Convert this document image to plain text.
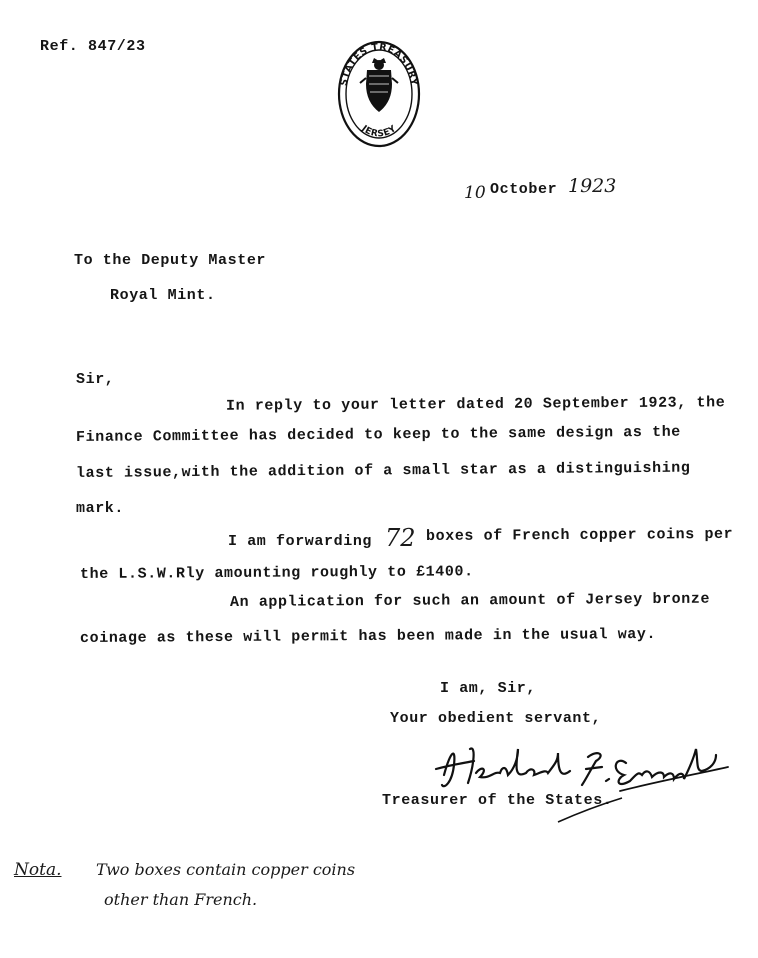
Ref. 847/23
STATES TREASURY
JERSEY
10 October 1923
To the Deputy Master
Royal Mint.
Sir,
In reply to your letter dated 20 September 1923, the
Finance Committee has decided to keep to the same design as the
last issue,with the addition of a small star as a distinguishing
mark.
I am forwarding 72 boxes of French copper coins per
the L.S.W.Rly amounting roughly to £1400.
An application for such an amount of Jersey bronze
coinage as these will permit has been made in the usual way.
I am, Sir,
Your obedient servant,
Treasurer of the States.
Nota. Two boxes contain copper coins
other than French.
